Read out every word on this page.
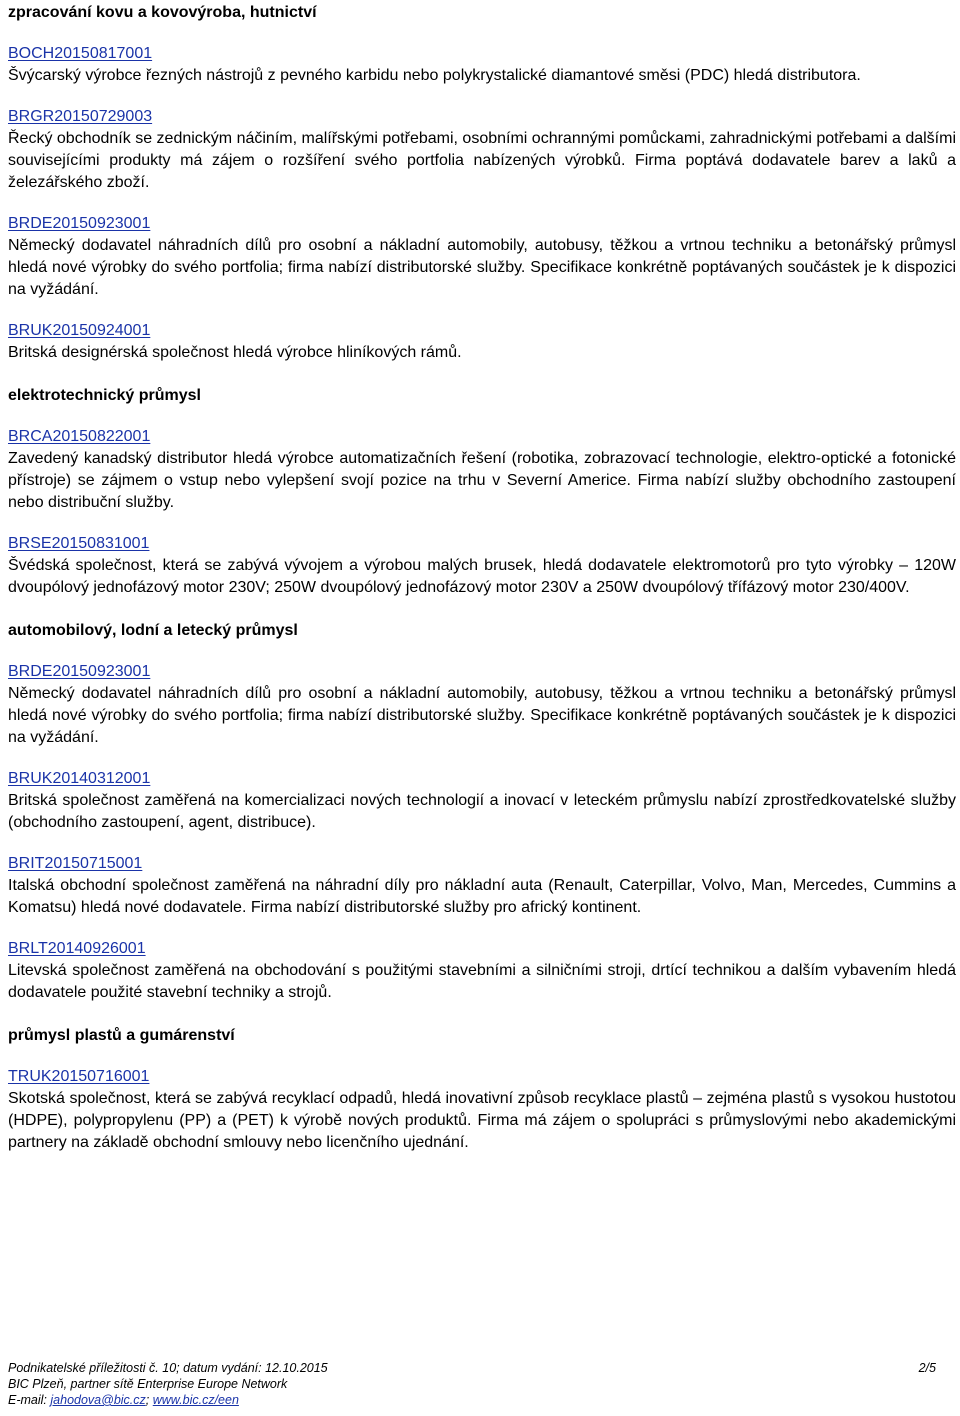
zpracování kovu a kovovýroba, hutnictví
BOCH20150817001

Švýcarský výrobce řezných nástrojů z pevného karbidu nebo polykrystalické diamantové směsi (PDC) hledá distributora.

BRGR20150729003

Řecký obchodník se zednickým náčiním, malířskými potřebami, osobními ochrannými pomůckami, zahradnickými potřebami a dalšími souvisejícími produkty má zájem o rozšíření svého portfolia nabízených výrobků. Firma poptává dodavatele barev a laků a železářského zboží.

BRDE20150923001

Německý dodavatel náhradních dílů pro osobní a nákladní automobily, autobusy, těžkou a vrtnou techniku a betonářský průmysl hledá nové výrobky do svého portfolia; firma nabízí distributorské služby. Specifikace konkrétně poptávaných součástek je k dispozici na vyžádání.

BRUK20150924001

Britská designérská společnost hledá výrobce hliníkových rámů.

elektrotechnický průmysl
BRCA20150822001

Zavedený kanadský distributor hledá výrobce automatizačních řešení (robotika, zobrazovací technologie, elektro-optické a fotonické přístroje) se zájmem o vstup nebo vylepšení svojí pozice na trhu v Severní Americe. Firma nabízí služby obchodního zastoupení nebo distribuční služby.

BRSE20150831001

Švédská společnost, která se zabývá vývojem a výrobou malých brusek, hledá dodavatele elektromotorů pro tyto výrobky – 120W dvoupólový jednofázový motor 230V; 250W dvoupólový jednofázový motor 230V a 250W dvoupólový třífázový motor 230/400V.

automobilový, lodní a letecký průmysl
BRDE20150923001

Německý dodavatel náhradních dílů pro osobní a nákladní automobily, autobusy, těžkou a vrtnou techniku a betonářský průmysl hledá nové výrobky do svého portfolia; firma nabízí distributorské služby. Specifikace konkrétně poptávaných součástek je k dispozici na vyžádání.

BRUK20140312001

Britská společnost zaměřená na komercializaci nových technologií a inovací v leteckém průmyslu nabízí zprostředkovatelské služby (obchodního zastoupení, agent, distribuce).

BRIT20150715001

Italská obchodní společnost zaměřená na náhradní díly pro nákladní auta (Renault, Caterpillar, Volvo, Man, Mercedes, Cummins a Komatsu) hledá nové dodavatele. Firma nabízí distributorské služby pro africký kontinent.

BRLT20140926001

Litevská společnost zaměřená na obchodování s použitými stavebními a silničními stroji, drtící technikou a dalším vybavením hledá dodavatele použité stavební techniky a strojů.

průmysl plastů a gumárenství
TRUK20150716001

Skotská společnost, která se zabývá recyklací odpadů, hledá inovativní způsob recyklace plastů – zejména plastů s vysokou hustotou (HDPE), polypropylenu (PP) a (PET) k výrobě nových produktů. Firma má zájem o spolupráci s průmyslovými nebo akademickými partnery na základě obchodní smlouvy nebo licenčního ujednání.

Podnikatelské příležitosti č. 10; datum vydání: 12.10.2015	2/5
BIC Plzeň, partner sítě Enterprise Europe Network
E-mail: jahodova@bic.cz; www.bic.cz/een
